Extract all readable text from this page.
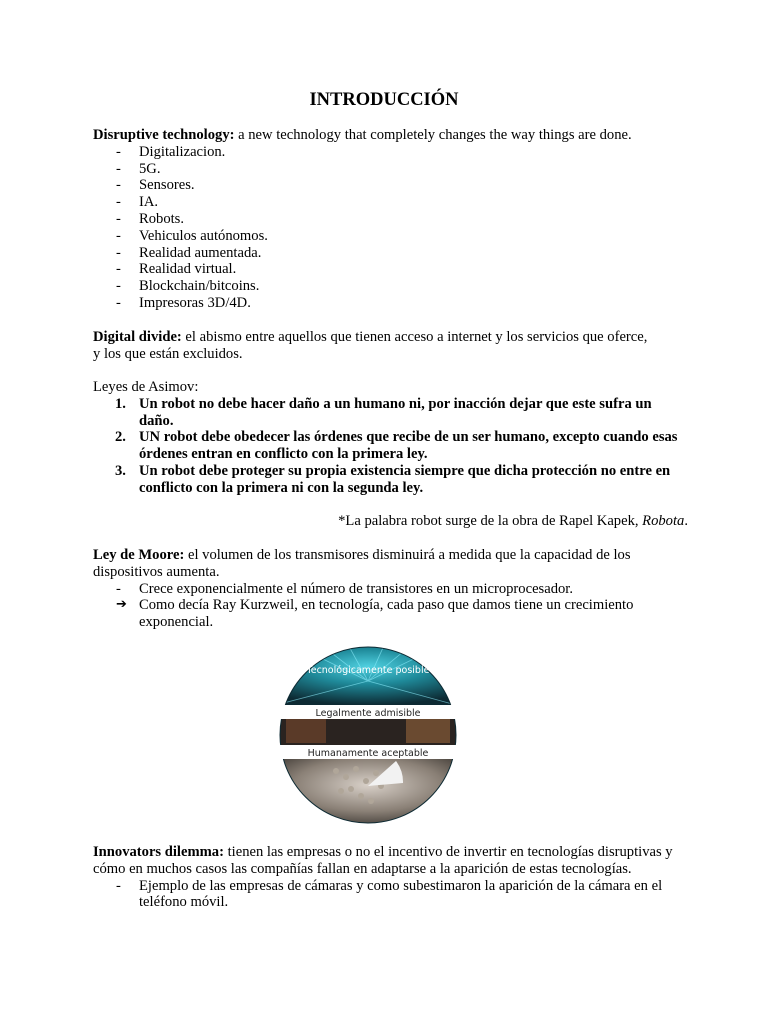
INTRODUCCIÓN

Disruptive technology: a new technology that completely changes the way things are done.

- Digitalizacion.
- 5G.
- Sensores.
- IA.
- Robots.
- Vehiculos autónomos.
- Realidad aumentada.
- Realidad virtual.
- Blockchain/bitcoins.
- Impresoras 3D/4D.

Digital divide: el abismo entre aquellos que tienen acceso a internet y los servicios que oferce, y los que están excluidos.

Leyes de Asimov:

1. Un robot no debe hacer daño a un humano ni, por inacción dejar que este sufra un daño.
2. UN robot debe obedecer las órdenes que recibe de un ser humano, excepto cuando esas órdenes entran en conflicto con la primera ley.
3. Un robot debe proteger su propia existencia siempre que dicha protección no entre en conflicto con la primera ni con la segunda ley.
*La palabra robot surge de la obra de Rapel Kapek, Robota.

Ley de Moore: el volumen de los transmisores disminuirá a medida que la capacidad de los dispositivos aumenta.

- Crece exponencialmente el número de transistores en un microprocesador.
➔ Como decía Ray Kurzweil, en tecnología, cada paso que damos tiene un crecimiento exponencial.
Tecnológicamente posible
Legalmente admisible
Humanamente aceptable

Innovators dilemma: tienen las empresas o no el incentivo de invertir en tecnologías disruptivas y cómo en muchos casos las compañías fallan en adaptarse a la aparición de estas tecnologías.

- Ejemplo de las empresas de cámaras y como subestimaron la aparición de la cámara en el teléfono móvil.
